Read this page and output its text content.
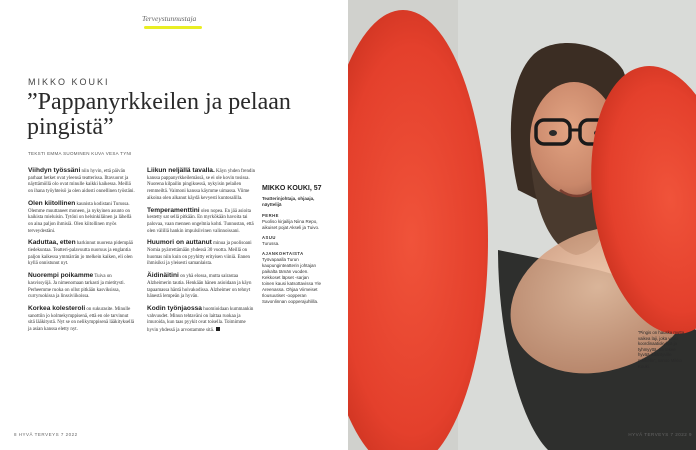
Terveystunnustaja
MIKKO KOUKI
”Pappanyrkkeilen ja pelaan pingistä”
TEKSTI EMMA SUOMINEN KUVA VESA TYNI

Viihdyn työssäni niin hyvin, että päivän parhaat hetket ovat yleensä teatterissa. Iltavuorot ja näyttämöllä olo ovat minulle kaikki kaikessa. Meillä on ihana työyhteisö ja olen aidosti onnellinen työstäni.

Olen kiitollinen kaunista kodistani Turussa. Olemme muuttaneet moneen, ja nykyinen asunto on kaikista mieluisin. Tytöni on helsinkiläinen ja lähellä on aina paljon ihmisiä. Olen kiitollinen myös terveydestäni.

Kaduttaa, etten harkinnut nuorena pidempää tiedekuntaa. Teatteri-palavuutta nuoruus ja englantia paljon kaikessa ymmärrän jo melkein kaiken, eli olen kyllä onnistunut nyt.

Nuorempi poikamme Tuiva on kasvissyöjä. Ja nimenomaan tarkasti ja mietitysti. Perheemme ruoka on ollut pitkään kasviksissa, curryruokissa ja linssiviikoissa.

Korkea kolesteroli on sukurasite. Minulle sanottiin jo kolmekymppisenä, että en ole tarvinnut sitä lääkitystä. Nyt se on nelikymppisenä lääkityksellä ja asian kanssa eletty nyt.

Liikun neljällä tavalla. Käyn yhden frendin kanssa pappanyrkkeilemässä, se ei ole kovin tosissa. Nuorena kilpailin pingiksessä, nykyisin pelailen remmeiltä. Vaimoni kanssa käymme uimassa. Viime aikoina olen alkanut käydä kevyesti kuntosalilla.

Temperamenttini olen nopea. En jää asioita kestetty sat sellä pitkään. En myrkökään havoita tai palovaa, vaan mennen ongelmia kohti. Tunnustan, että olen välillä hankin impulsiivinen valinnoissani.

Huumori on auttanut minua ja puolisoani Nomia pyärrettämään yhdessä 30 vuotta. Meillä on huomas niin kuin on pyyhitty erityisen viiniä. Ennen ihmisiksi ja yleisesti samanlaista.

Äidinäitini on yhä elossa, mutta sairastaa Alzheimerin tautia. Henkään hänen asioidaan ja käyn tapaamassa häntä hoivakodissa. Alzheimer on tehnyt hänestä lempeän ja hyvän.

Kodin työnjaossa huomioidaan kummankin vahvuudet. Minun tehtaväni on laittaa ruokaa ja imuroida, kun taas pyykit ovat toisella. Toimimme hyvin yhdessä ja arvostamme sitä.

MIKKO KOUKI, 57
Teatterinjohtaja, ohjaaja, näyttelijä
PERHE
Puoliso kirjailija Niina Repo, aikuiset pojat Akseli ja Tuivo.
ASUU
Turussa.
AJANKOHTAISTA
Työvapaalla Turun kaupunginteatterin johtajan paikalta tämän vuoden. Kekkoset läpset -sarjan toinen kausi katsottavissa Yle Areenassa. Ohjaa Viimeiset Ilousuutiset -oopperan Savonlinnan oopperajuhlilla.
8 HYVÄ TERVEYS 7 2022
”Pingis on hauska mutta vaikea laji, joka vaatii koordinaatiokykyä ja tyhmyyttä. Se tekee hyvää ikääntyville miehelle”, sanoo Mikko Kouki.
HYVÄ TERVEYS 7 2022 9
